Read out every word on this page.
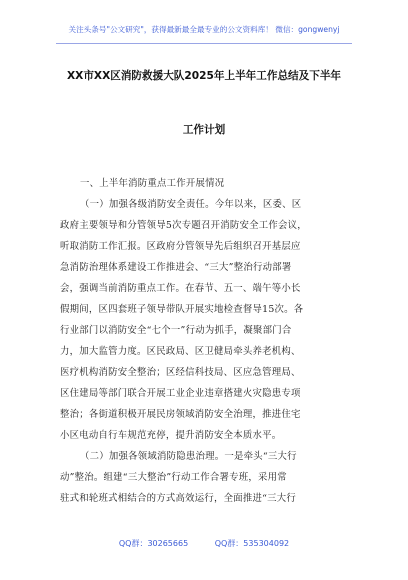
关注头条号"公文研究"，获得最新最全最专业的公文资料库！ 微信：gongwenyj
XX市XX区消防救援大队2025年上半年工作总结及下半年
工作计划
一、上半年消防重点工作开展情况
（一）加强各级消防安全责任。今年以来，区委、区
政府主要领导和分管领导5次专题召开消防安全工作会议，
听取消防工作汇报。区政府分管领导先后组织召开基层应
急消防治理体系建设工作推进会、“三大”整治行动部署
会，强调当前消防重点工作。在春节、五一、端午等小长
假期间，区四套班子领导带队开展实地检查督导15次。各
行业部门以消防安全“七个一”行动为抓手，凝聚部门合
力，加大监管力度。区民政局、区卫健局牵头养老机构、
医疗机构消防安全整治；区经信科技局、区应急管理局、
区住建局等部门联合开展工业企业违章搭建火灾隐患专项
整治；各街道积极开展民房领域消防安全治理，推进住宅
小区电动自行车规范充停，提升消防安全本质水平。
（二）加强各领域消防隐患治理。一是牵头“三大行
动”整治。组建“三大整治”行动工作合署专班，采用常
驻式和轮班式相结合的方式高效运行，全面推进“三大行
QQ群：30265665	QQ群：535304092
